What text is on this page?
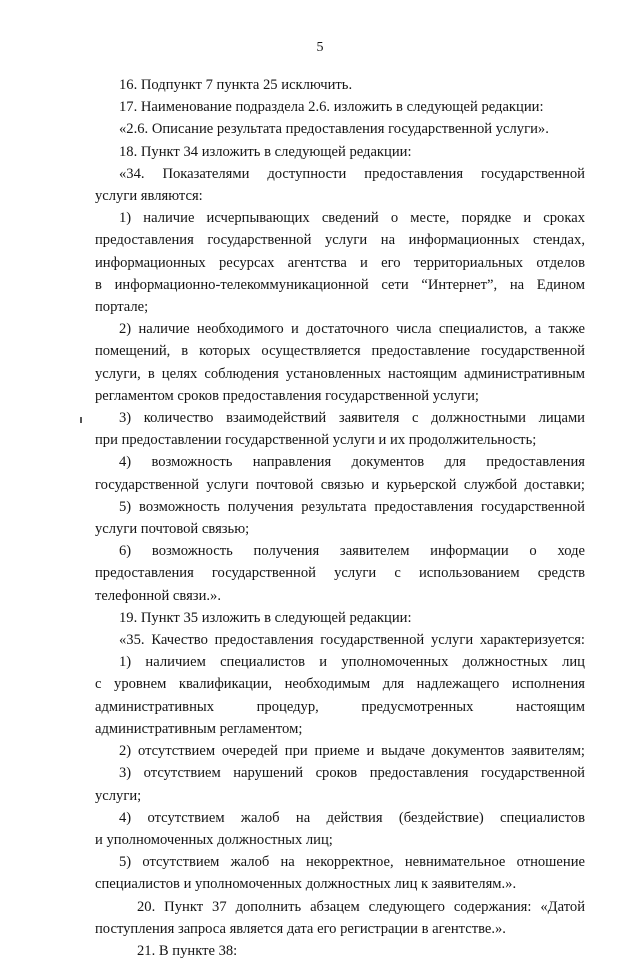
5
16. Подпункт 7 пункта 25 исключить.
17. Наименование подраздела 2.6. изложить в следующей редакции:
«2.6. Описание результата предоставления государственной услуги».
18. Пункт 34 изложить в следующей редакции:
«34. Показателями доступности предоставления государственной
услуги являются:
1) наличие исчерпывающих сведений о месте, порядке и сроках
предоставления государственной услуги на информационных стендах,
информационных ресурсах агентства и его территориальных отделов
в информационно-телекоммуникационной сети “Интернет”, на Едином
портале;
2) наличие необходимого и достаточного числа специалистов, а также
помещений, в которых осуществляется предоставление государственной
услуги, в целях соблюдения установленных настоящим административным
регламентом сроков предоставления государственной услуги;
3) количество взаимодействий заявителя с должностными лицами
при предоставлении государственной услуги и их продолжительность;
4) возможность направления документов для предоставления
государственной услуги почтовой связью и курьерской службой доставки;
5) возможность получения результата предоставления государственной
услуги почтовой связью;
6) возможность получения заявителем информации о ходе
предоставления государственной услуги с использованием средств
телефонной связи.».
19. Пункт 35 изложить в следующей редакции:
«35. Качество предоставления государственной услуги характеризуется:
1) наличием специалистов и уполномоченных должностных лиц
с уровнем квалификации, необходимым для надлежащего исполнения
административных процедур, предусмотренных настоящим
административным регламентом;
2) отсутствием очередей при приеме и выдаче документов заявителям;
3) отсутствием нарушений сроков предоставления государственной
услуги;
4) отсутствием жалоб на действия (бездействие) специалистов
и уполномоченных должностных лиц;
5) отсутствием жалоб на некорректное, невнимательное отношение
специалистов и уполномоченных должностных лиц к заявителям.».
20. Пункт 37 дополнить абзацем следующего содержания: «Датой
поступления запроса является дата его регистрации в агентстве.».
21. В пункте 38:
